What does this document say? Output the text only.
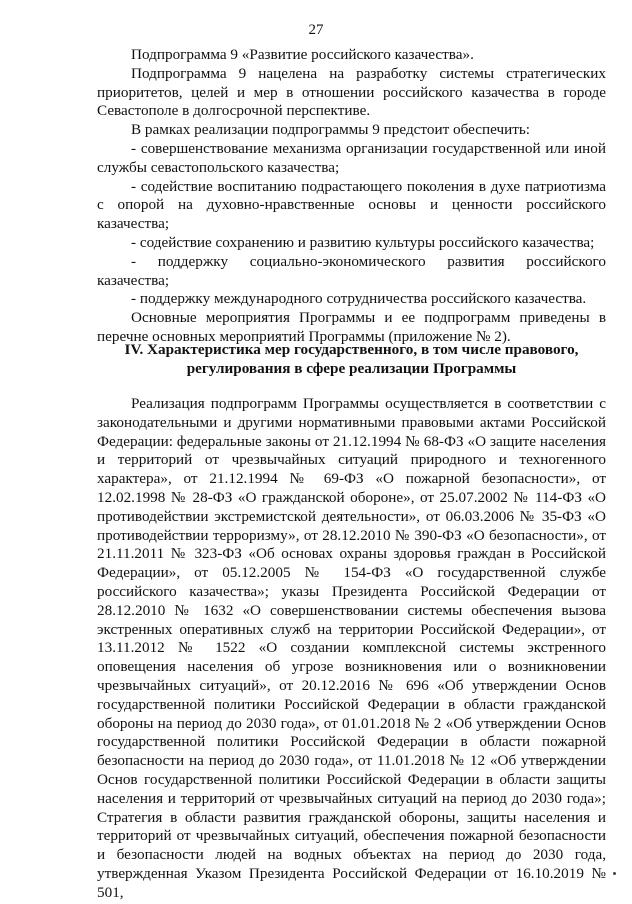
27

Подпрограмма 9 «Развитие российского казачества».

Подпрограмма 9 нацелена на разработку системы стратегических приоритетов, целей и мер в отношении российского казачества в городе Севастополе в долгосрочной перспективе.

В рамках реализации подпрограммы 9 предстоит обеспечить:

- совершенствование механизма организации государственной или иной службы севастопольского казачества;

- содействие воспитанию подрастающего поколения в духе патриотизма с опорой на духовно-нравственные основы и ценности российского казачества;

- содействие сохранению и развитию культуры российского казачества;

- поддержку социально-экономического развития российского казачества;

- поддержку международного сотрудничества российского казачества.

Основные мероприятия Программы и ее подпрограмм приведены в перечне основных мероприятий Программы (приложение № 2).

IV. Характеристика мер государственного, в том числе правового,
регулирования в сфере реализации Программы

Реализация подпрограмм Программы осуществляется в соответствии с законодательными и другими нормативными правовыми актами Российской Федерации: федеральные законы от 21.12.1994 № 68-ФЗ «О защите населения и территорий от чрезвычайных ситуаций природного и техногенного характера», от 21.12.1994 № 69-ФЗ «О пожарной безопасности», от 12.02.1998 № 28-ФЗ «О гражданской обороне», от 25.07.2002 № 114-ФЗ «О противодействии экстремистской деятельности», от 06.03.2006 № 35-ФЗ «О противодействии терроризму», от 28.12.2010 № 390-ФЗ «О безопасности», от 21.11.2011 № 323-ФЗ «Об основах охраны здоровья граждан в Российской Федерации», от 05.12.2005 № 154-ФЗ «О государственной службе российского казачества»; указы Президента Российской Федерации от 28.12.2010 № 1632 «О совершенствовании системы обеспечения вызова экстренных оперативных служб на территории Российской Федерации», от 13.11.2012 № 1522 «О создании комплексной системы экстренного оповещения населения об угрозе возникновения или о возникновении чрезвычайных ситуаций», от 20.12.2016 № 696 «Об утверждении Основ государственной политики Российской Федерации в области гражданской обороны на период до 2030 года», от 01.01.2018 № 2 «Об утверждении Основ государственной политики Российской Федерации в области пожарной безопасности на период до 2030 года», от 11.01.2018 № 12 «Об утверждении Основ государственной политики Российской Федерации в области защиты населения и территорий от чрезвычайных ситуаций на период до 2030 года»; Стратегия в области развития гражданской обороны, защиты населения и территорий от чрезвычайных ситуаций, обеспечения пожарной безопасности и безопасности людей на водных объектах на период до 2030 года, утвержденная Указом Президента Российской Федерации от 16.10.2019 № 501,
